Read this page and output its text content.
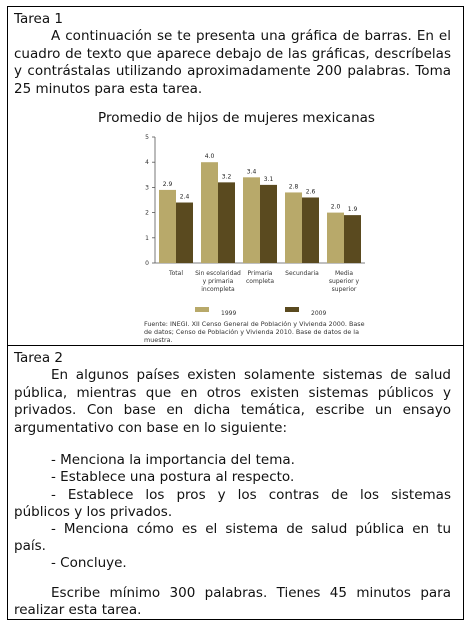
Tarea 1
A continuación se te presenta una gráfica de barras. En el cuadro de texto que aparece debajo de las gráficas, descríbelas y contrástalas utilizando aproximadamente 200 palabras. Toma 25 minutos para esta tarea.
Promedio de hijos de mujeres mexicanas
0
1
2
3
4
5
2.9
2.4
Total
4.0
3.2
Sin escolaridad
y primaria
incompleta
3.4
3.1
Primaria
completa
2.8
2.6
Secundaria
2.0 1.9
Media
superior y
superior
1999	2009
Fuente: INEGI. XII Censo General de Población y Vivienda 2000. Base de datos; Censo de Población y Vivienda 2010. Base de datos de la muestra.
Tarea 2
En algunos países existen solamente sistemas de salud pública, mientras que en otros existen sistemas públicos y privados. Con base en dicha temática, escribe un ensayo argumentativo con base en lo siguiente:
- Menciona la importancia del tema.
- Establece una postura al respecto.
- Establece los pros y los contras de los sistemas
públicos y los privados.
- Menciona cómo es el sistema de salud pública en tu
país.
- Concluye.
Escribe mínimo 300 palabras. Tienes 45 minutos para
realizar esta tarea.
